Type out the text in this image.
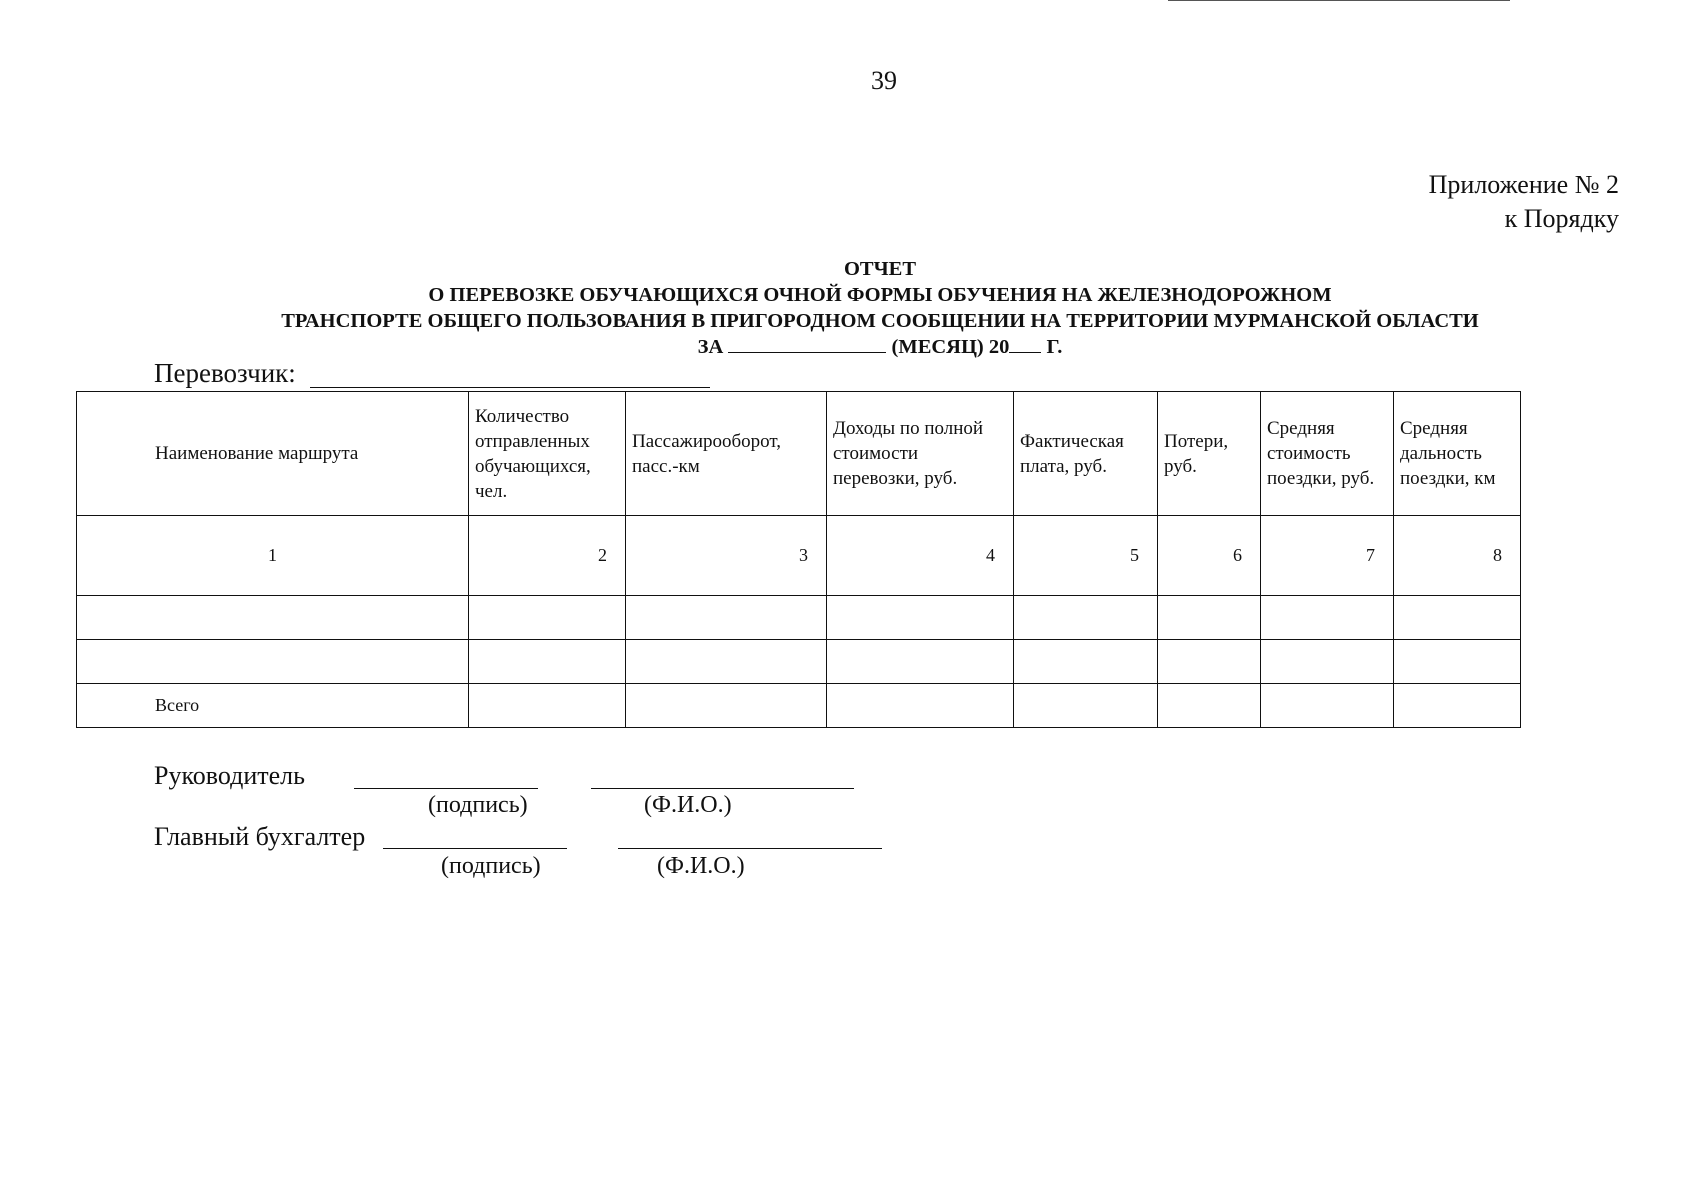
39
Приложение № 2
к Порядку
ОТЧЕТ
О ПЕРЕВОЗКЕ ОБУЧАЮЩИХСЯ ОЧНОЙ ФОРМЫ ОБУЧЕНИЯ НА ЖЕЛЕЗНОДОРОЖНОМ
ТРАНСПОРТЕ ОБЩЕГО ПОЛЬЗОВАНИЯ В ПРИГОРОДНОМ СООБЩЕНИИ НА ТЕРРИТОРИИ МУРМАНСКОЙ ОБЛАСТИ
ЗА	(МЕСЯЦ) 20 Г.
Перевозчик:
Наименование маршрута	Количество отправленных обучающихся, чел.	Пассажирооборот, пасс.-км	Доходы по полной стоимости перевозки, руб.	Фактическая плата, руб.	Потери, руб.	Средняя стоимость поездки, руб.	Средняя дальность поездки, км
1	2	3	4	5	6	7	8

Всего							
Руководитель
(подпись)	(Ф.И.О.)
Главный бухгалтер
(подпись)	(Ф.И.О.)
